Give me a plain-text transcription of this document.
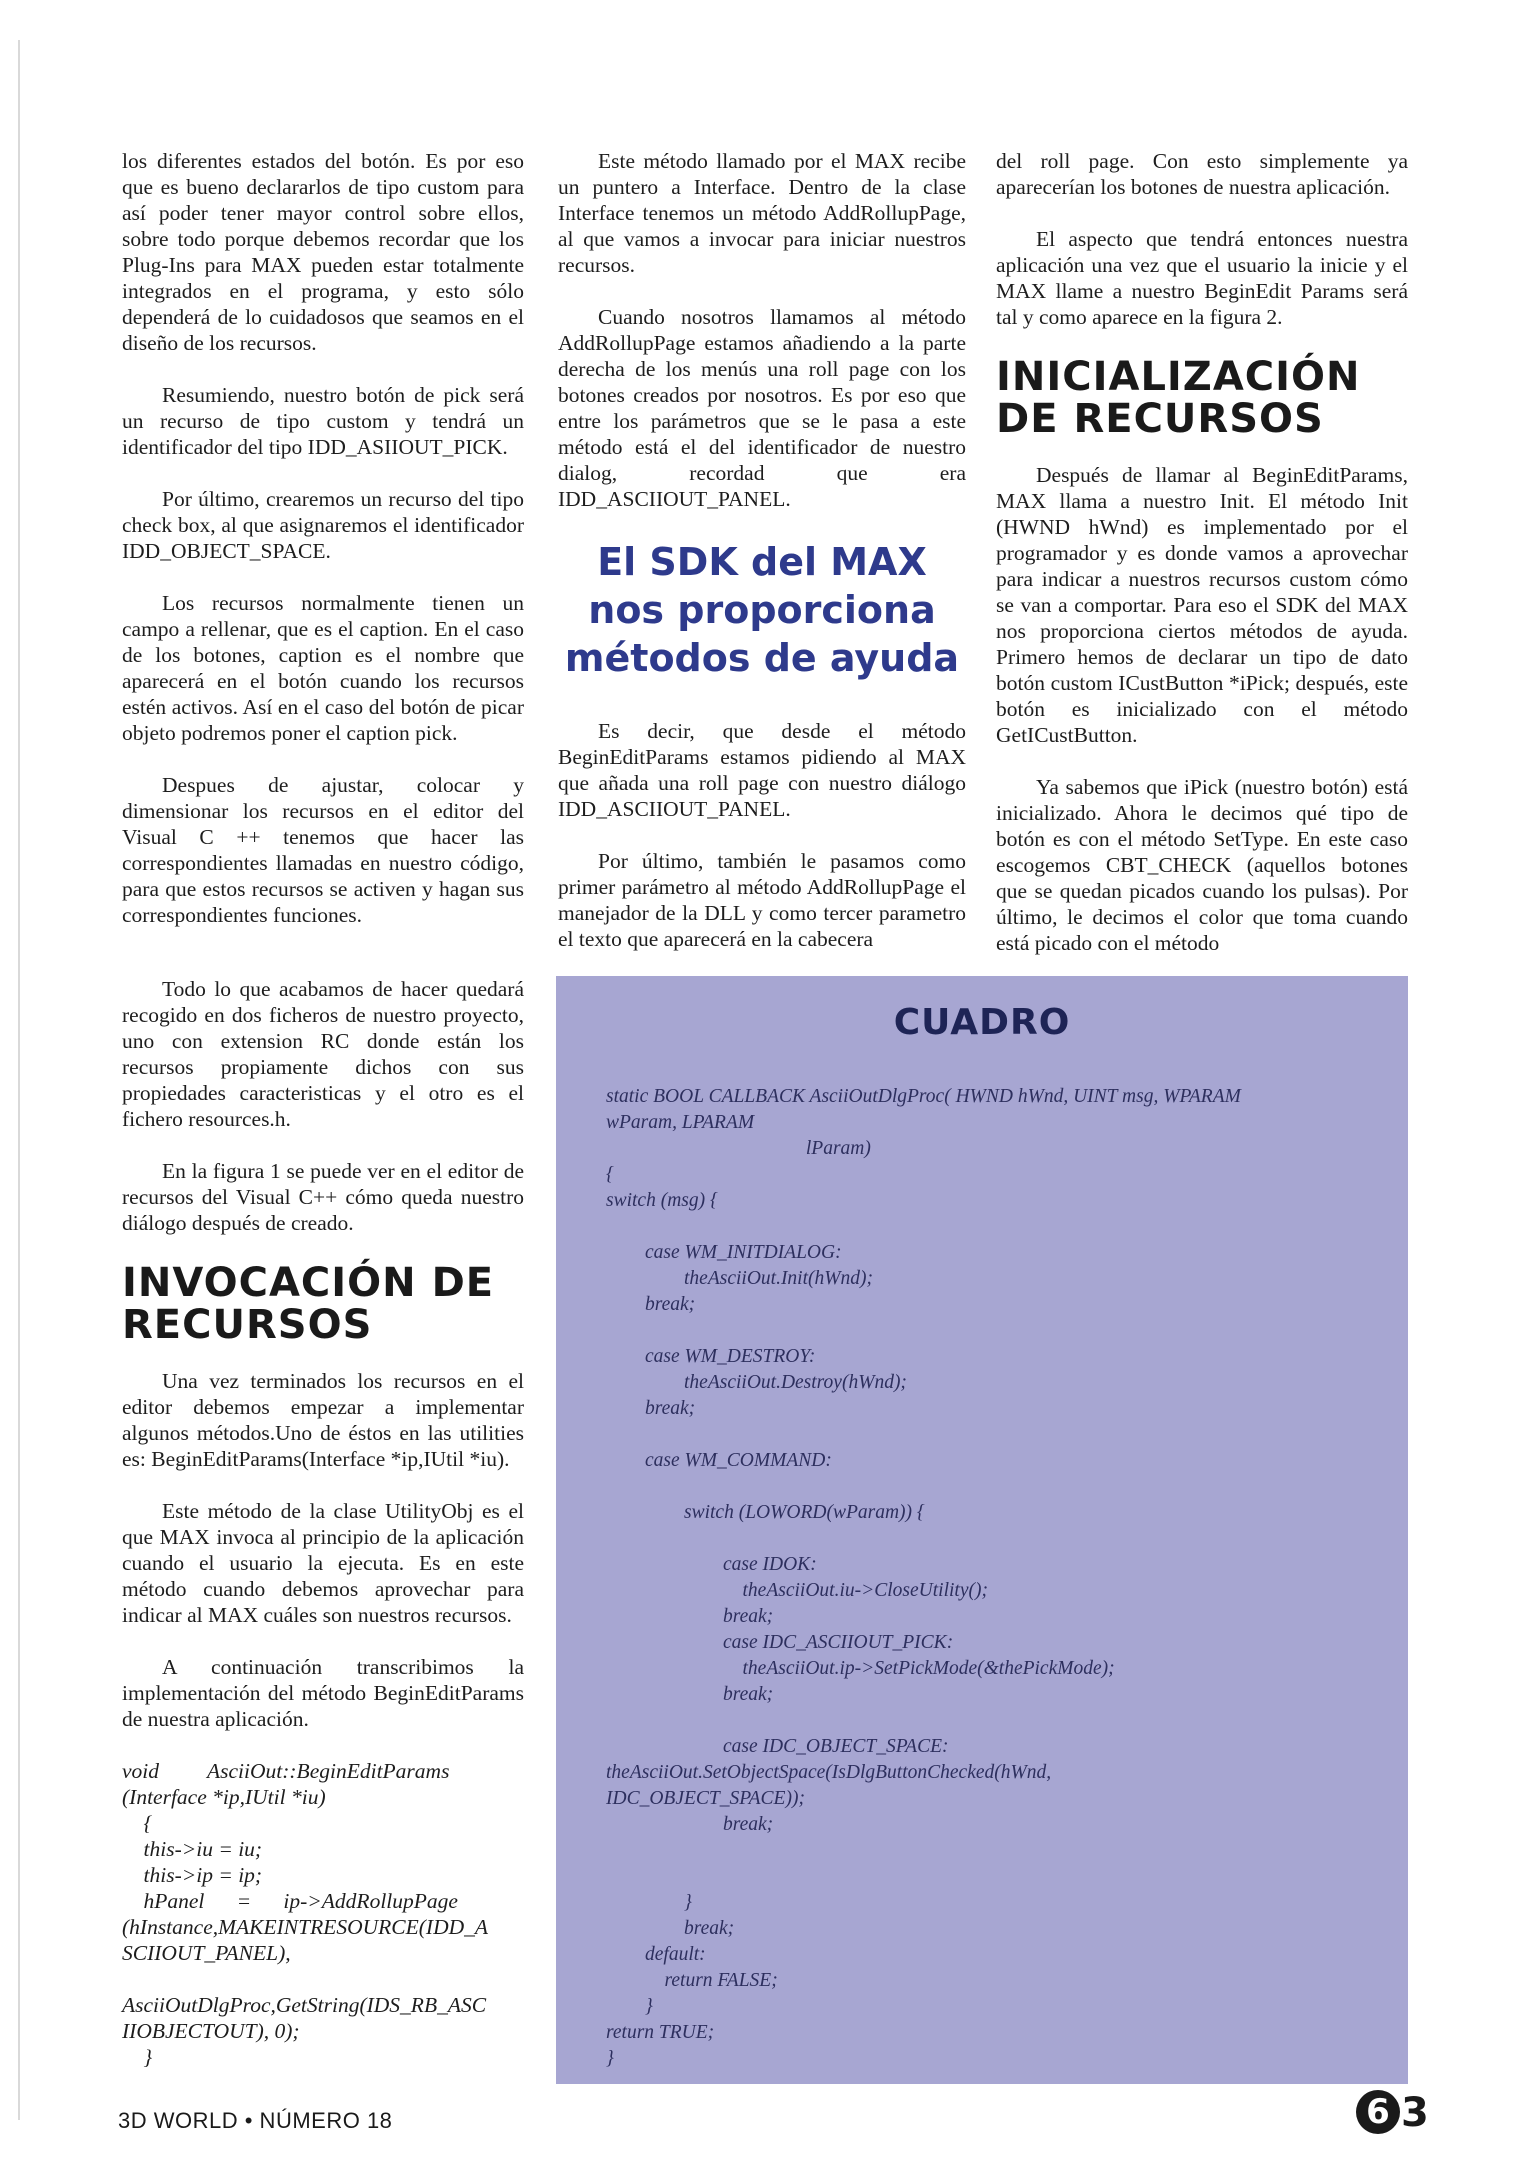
los diferentes estados del botón. Es por eso que es bueno declararlos de tipo custom para así poder tener mayor control sobre ellos, sobre todo porque debemos recordar que los Plug-Ins para MAX pueden estar totalmente integrados en el programa, y esto sólo dependerá de lo cuidadosos que seamos en el diseño de los recursos.

Resumiendo, nuestro botón de pick será un recurso de tipo custom y tendrá un identificador del tipo IDD_ASIIOUT_PICK.

Por último, crearemos un recurso del tipo check box, al que asignaremos el identificador IDD_OBJECT_SPACE.

Los recursos normalmente tienen un campo a rellenar, que es el caption. En el caso de los botones, caption es el nombre que aparecerá en el botón cuando los recursos estén activos. Así en el caso del botón de picar objeto podremos poner el caption pick.

Despues de ajustar, colocar y dimensionar los recursos en el editor del Visual C ++ tenemos que hacer las correspondientes llamadas en nuestro código, para que estos recursos se activen y hagan sus correspondientes funciones.

Todo lo que acabamos de hacer quedará recogido en dos ficheros de nuestro proyecto, uno con extension RC donde están los recursos propiamente dichos con sus propiedades caracteristicas y el otro es el fichero resources.h.

En la figura 1 se puede ver en el editor de recursos del Visual C++ cómo queda nuestro diálogo después de creado.

INVOCACIÓN DE RECURSOS

Una vez terminados los recursos en el editor debemos empezar a implementar algunos métodos.Uno de éstos en las utilities es: BeginEditParams(Interface *ip,IUtil *iu).

Este método de la clase UtilityObj es el que MAX invoca al principio de la aplicación cuando el usuario la ejecuta. Es en este método cuando debemos aprovechar para indicar al MAX cuáles son nuestros recursos.

A continuación transcribimos la implementación del método BeginEditParams de nuestra aplicación.

void         AsciiOut::BeginEditParams
(Interface *ip,IUtil *iu)
{
this->iu = iu;
this->ip = ip;
hPanel      =      ip->AddRollupPage
(hInstance,MAKEINTRESOURCE(IDD_A
SCIIOUT_PANEL),

AsciiOutDlgProc,GetString(IDS_RB_ASC
IIOBJECTOUT), 0);
}

Este método llamado por el MAX recibe un puntero a Interface. Dentro de la clase Interface tenemos un método AddRollupPage, al que vamos a invocar para iniciar nuestros recursos.

Cuando nosotros llamamos al método AddRollupPage estamos añadiendo a la parte derecha de los menús una roll page con los botones creados por nosotros. Es por eso que entre los parámetros que se le pasa a este método está el del identificador de nuestro dialog, recordad que era IDD_ASCIIOUT_PANEL.

El SDK del MAX nos proporciona métodos de ayuda

Es decir, que desde el método BeginEditParams estamos pidiendo al MAX que añada una roll page con nuestro diálogo IDD_ASCIIOUT_PANEL.

Por último, también le pasamos como primer parámetro al método AddRollupPage el manejador de la DLL y como tercer parametro el texto que aparecerá en la cabecera

del roll page. Con esto simplemente ya aparecerían los botones de nuestra aplicación.

El aspecto que tendrá entonces nuestra aplicación una vez que el usuario la inicie y el MAX llame a nuestro BeginEdit Params será tal y como aparece en la figura 2.

INICIALIZACIÓN DE RECURSOS

Después de llamar al BeginEditParams, MAX llama a nuestro Init. El método Init (HWND hWnd) es implementado por el programador y es donde vamos a aprovechar para indicar a nuestros recursos custom cómo se van a comportar. Para eso el SDK del MAX nos proporciona ciertos métodos de ayuda. Primero hemos de declarar un tipo de dato botón custom ICustButton *iPick; después, este botón es inicializado con el método GetICustButton.

Ya sabemos que iPick (nuestro botón) está inicializado. Ahora le decimos qué tipo de botón es con el método SetType. En este caso escogemos CBT_CHECK (aquellos botones que se quedan picados cuando los pulsas). Por último, le decimos el color que toma cuando está picado con el método

CUADRO
static BOOL CALLBACK AsciiOutDlgProc( HWND hWnd, UINT msg, WPARAM
wParam, LPARAM
lParam)
{
switch (msg) {

case WM_INITDIALOG:
theAsciiOut.Init(hWnd);
break;

case WM_DESTROY:
theAsciiOut.Destroy(hWnd);
break;

case WM_COMMAND:

switch (LOWORD(wParam)) {

case IDOK:
theAsciiOut.iu->CloseUtility();
break;
case IDC_ASCIIOUT_PICK:
theAsciiOut.ip->SetPickMode(&thePickMode);
break;

case IDC_OBJECT_SPACE:
theAsciiOut.SetObjectSpace(IsDlgButtonChecked(hWnd,
IDC_OBJECT_SPACE));
break;

}
break;
default:
return FALSE;
}
return TRUE;
}
3D WORLD • NÚMERO 18	6 3
